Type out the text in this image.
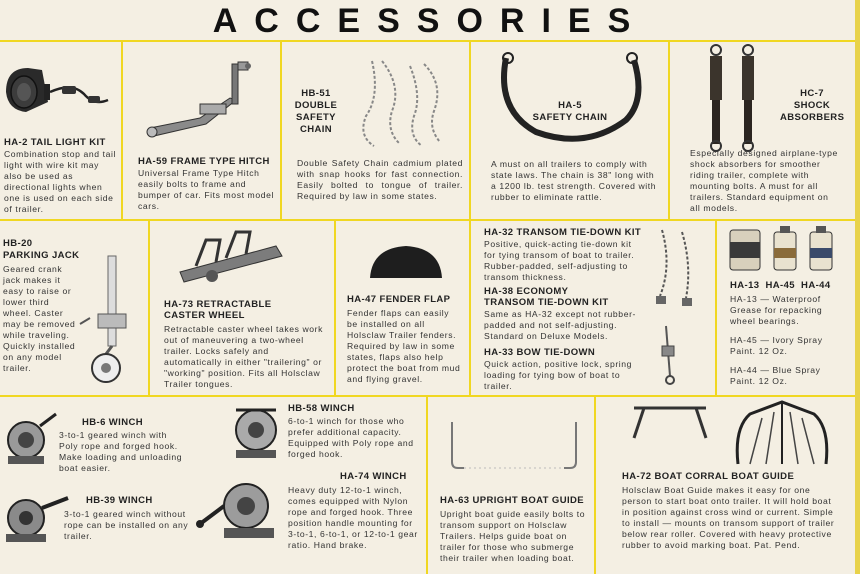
ACCESSORIES
HA-2 TAIL LIGHT KIT
Combination stop and tail light with wire kit may also be used as directional lights when one is used on each side of trailer.
HA-59 FRAME TYPE HITCH
Universal Frame Type Hitch easily bolts to frame and bumper of car. Fits most model cars.
HB-51
DOUBLE
SAFETY
CHAIN
Double Safety Chain cadmium plated with snap hooks for fast connection. Easily bolted to tongue of trailer. Required by law in some states.
HA-5
SAFETY CHAIN
A must on all trailers to comply with state laws. The chain is 38" long with a 1200 lb. test strength. Covered with rubber to eliminate rattle.
HC-7
SHOCK
ABSORBERS
Especially designed airplane-type shock absorbers for smoother riding trailer, complete with mounting bolts. A must for all trailers. Standard equipment on all models.
HB-20
PARKING JACK
Geared crank jack makes it easy to raise or lower third wheel. Caster may be removed while traveling. Quickly installed on any model trailer.
HA-73 RETRACTABLE CASTER WHEEL
Retractable caster wheel takes work out of maneuvering a two-wheel trailer. Locks safely and automatically in either "trailering" or "working" position. Fits all Holsclaw Trailer tongues.
HA-47 FENDER FLAP
Fender flaps can easily be installed on all Holsclaw Trailer fenders. Required by law in some states, flaps also help protect the boat from mud and flying gravel.
HA-32 TRANSOM TIE-DOWN KIT
Positive, quick-acting tie-down kit for tying transom of boat to trailer. Rubber-padded, self-adjusting to transom thickness.
HA-38 ECONOMY
TRANSOM TIE-DOWN KIT
Same as HA-32 except not rubber-padded and not self-adjusting. Standard on Deluxe Models.
HA-33 BOW TIE-DOWN
Quick action, positive lock, spring loading for tying bow of boat to trailer.
HA-13  HA-45  HA-44
HA-13 — Waterproof Grease for repacking wheel bearings.
HA-45 — Ivory Spray Paint. 12 Oz.
HA-44 — Blue Spray Paint. 12 Oz.
HB-6 WINCH
3-to-1 geared winch with Poly rope and forged hook. Make loading and unloading boat easier.
HB-39 WINCH
3-to-1 geared winch without rope can be installed on any trailer.
HB-58 WINCH
6-to-1 winch for those who prefer additional capacity. Equipped with Poly rope and forged hook.
HA-74 WINCH
Heavy duty 12-to-1 winch, comes equipped with Nylon rope and forged hook. Three position handle mounting for 3-to-1, 6-to-1, or 12-to-1 gear ratio. Hand brake.
HA-63 UPRIGHT BOAT GUIDE
Upright boat guide easily bolts to transom support on Holsclaw Trailers. Helps guide boat on trailer for those who submerge their trailer when loading boat.
HA-72 BOAT CORRAL BOAT GUIDE
Holsclaw Boat Guide makes it easy for one person to start boat onto trailer. It will hold boat in position against cross wind or current. Simple to install — mounts on transom support of trailer below rear roller. Covered with heavy protective rubber to avoid marking boat. Pat. Pend.
